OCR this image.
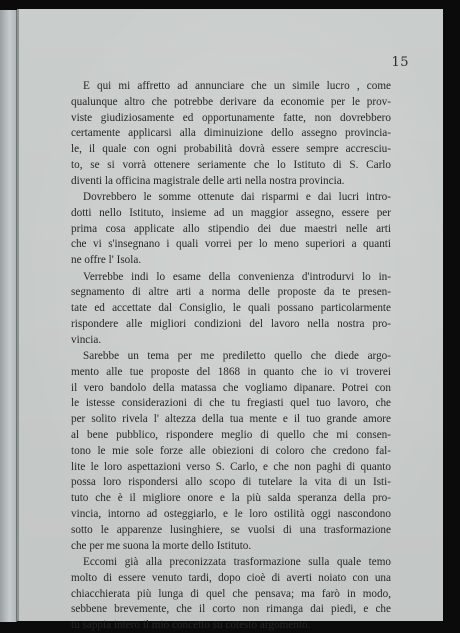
15
E qui mi affretto ad annunciare che un simile lucro , come
qualunque altro che potrebbe derivare da economie per le prov-
viste giudiziosamente ed opportunamente fatte, non dovrebbero
certamente applicarsi alla diminuizione dello assegno provincia-
le, il quale con ogni probabilità dovrà essere sempre accresciu-
to, se si vorrà ottenere seriamente che lo Istituto di S. Carlo
diventi la officina magistrale delle arti nella nostra provincia.
Dovrebbero le somme ottenute dai risparmi e dai lucri intro-
dotti nello Istituto, insieme ad un maggior assegno, essere per
prima cosa applicate allo stipendio dei due maestri nelle arti
che vi s'insegnano i quali vorrei per lo meno superiori a quanti
ne offre l' Isola.
Verrebbe indi lo esame della convenienza d'introdurvi lo in-
segnamento di altre arti a norma delle proposte da te presen-
tate ed accettate dal Consiglio, le quali possano particolarmente
rispondere alle migliori condizioni del lavoro nella nostra pro-
vincia.
Sarebbe un tema per me prediletto quello che diede argo-
mento alle tue proposte del 1868 in quanto che io vi troverei
il vero bandolo della matassa che vogliamo dipanare. Potrei con
le istesse considerazioni di che tu fregiasti quel tuo lavoro, che
per solito rivela l' altezza della tua mente e il tuo grande amore
al bene pubblico, rispondere meglio di quello che mi consen-
tono le mie sole forze alle obiezioni di coloro che credono fal-
lite le loro aspettazioni verso S. Carlo, e che non paghi di quanto
possa loro rispondersi allo scopo di tutelare la vita di un Isti-
tuto che è il migliore onore e la più salda speranza della pro-
vincia, intorno ad osteggiarlo, e le loro ostilità oggi nascondono
sotto le apparenze lusinghiere, se vuolsi di una trasformazione
che per me suona la morte dello Istituto.
Eccomi già alla preconizzata trasformazione sulla quale temo
molto di essere venuto tardi, dopo cioè di averti noiato con una
chiacchierata più lunga di quel che pensava; ma farò in modo,
sebbene brevemente, che il corto non rimanga dai piedi, e che
tu sappia intero il mio concetto su cotesto argomento.
